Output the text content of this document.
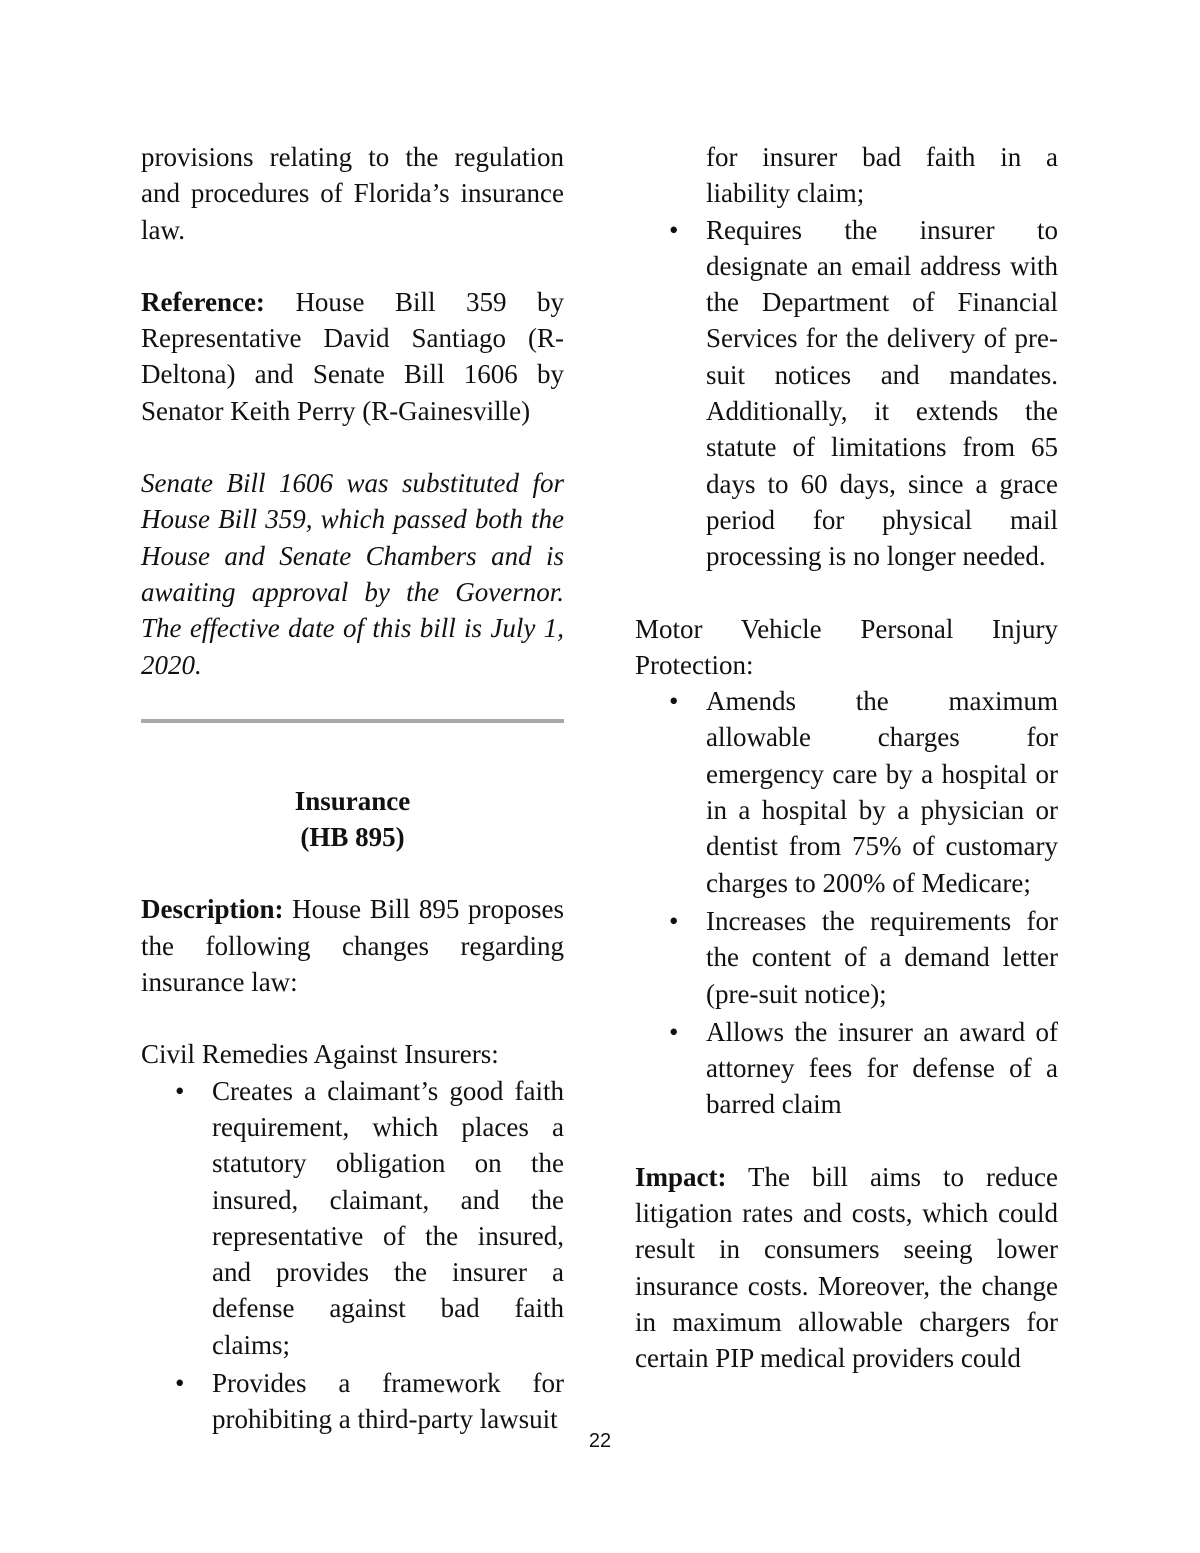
provisions relating to the regulation and procedures of Florida’s insurance law.

Reference: House Bill 359 by Representative David Santiago (R-Deltona) and Senate Bill 1606 by Senator Keith Perry (R-Gainesville)

Senate Bill 1606 was substituted for House Bill 359, which passed both the House and Senate Chambers and is awaiting approval by the Governor. The effective date of this bill is July 1, 2020.

Insurance
(HB 895)

Description: House Bill 895 proposes the following changes regarding insurance law:

Civil Remedies Against Insurers:

• Creates a claimant’s good faith requirement, which places a statutory obligation on the insured, claimant, and the representative of the insured, and provides the insurer a defense against bad faith claims;
• Provides a framework for prohibiting a third-party lawsuit
for insurer bad faith in a liability claim;
• Requires the insurer to designate an email address with the Department of Financial Services for the delivery of pre-suit notices and mandates. Additionally, it extends the statute of limitations from 65 days to 60 days, since a grace period for physical mail processing is no longer needed.

Motor Vehicle Personal Injury Protection:

• Amends the maximum allowable charges for emergency care by a hospital or in a hospital by a physician or dentist from 75% of customary charges to 200% of Medicare;
• Increases the requirements for the content of a demand letter (pre-suit notice);
• Allows the insurer an award of attorney fees for defense of a barred claim

Impact: The bill aims to reduce litigation rates and costs, which could result in consumers seeing lower insurance costs. Moreover, the change in maximum allowable chargers for certain PIP medical providers could

22
